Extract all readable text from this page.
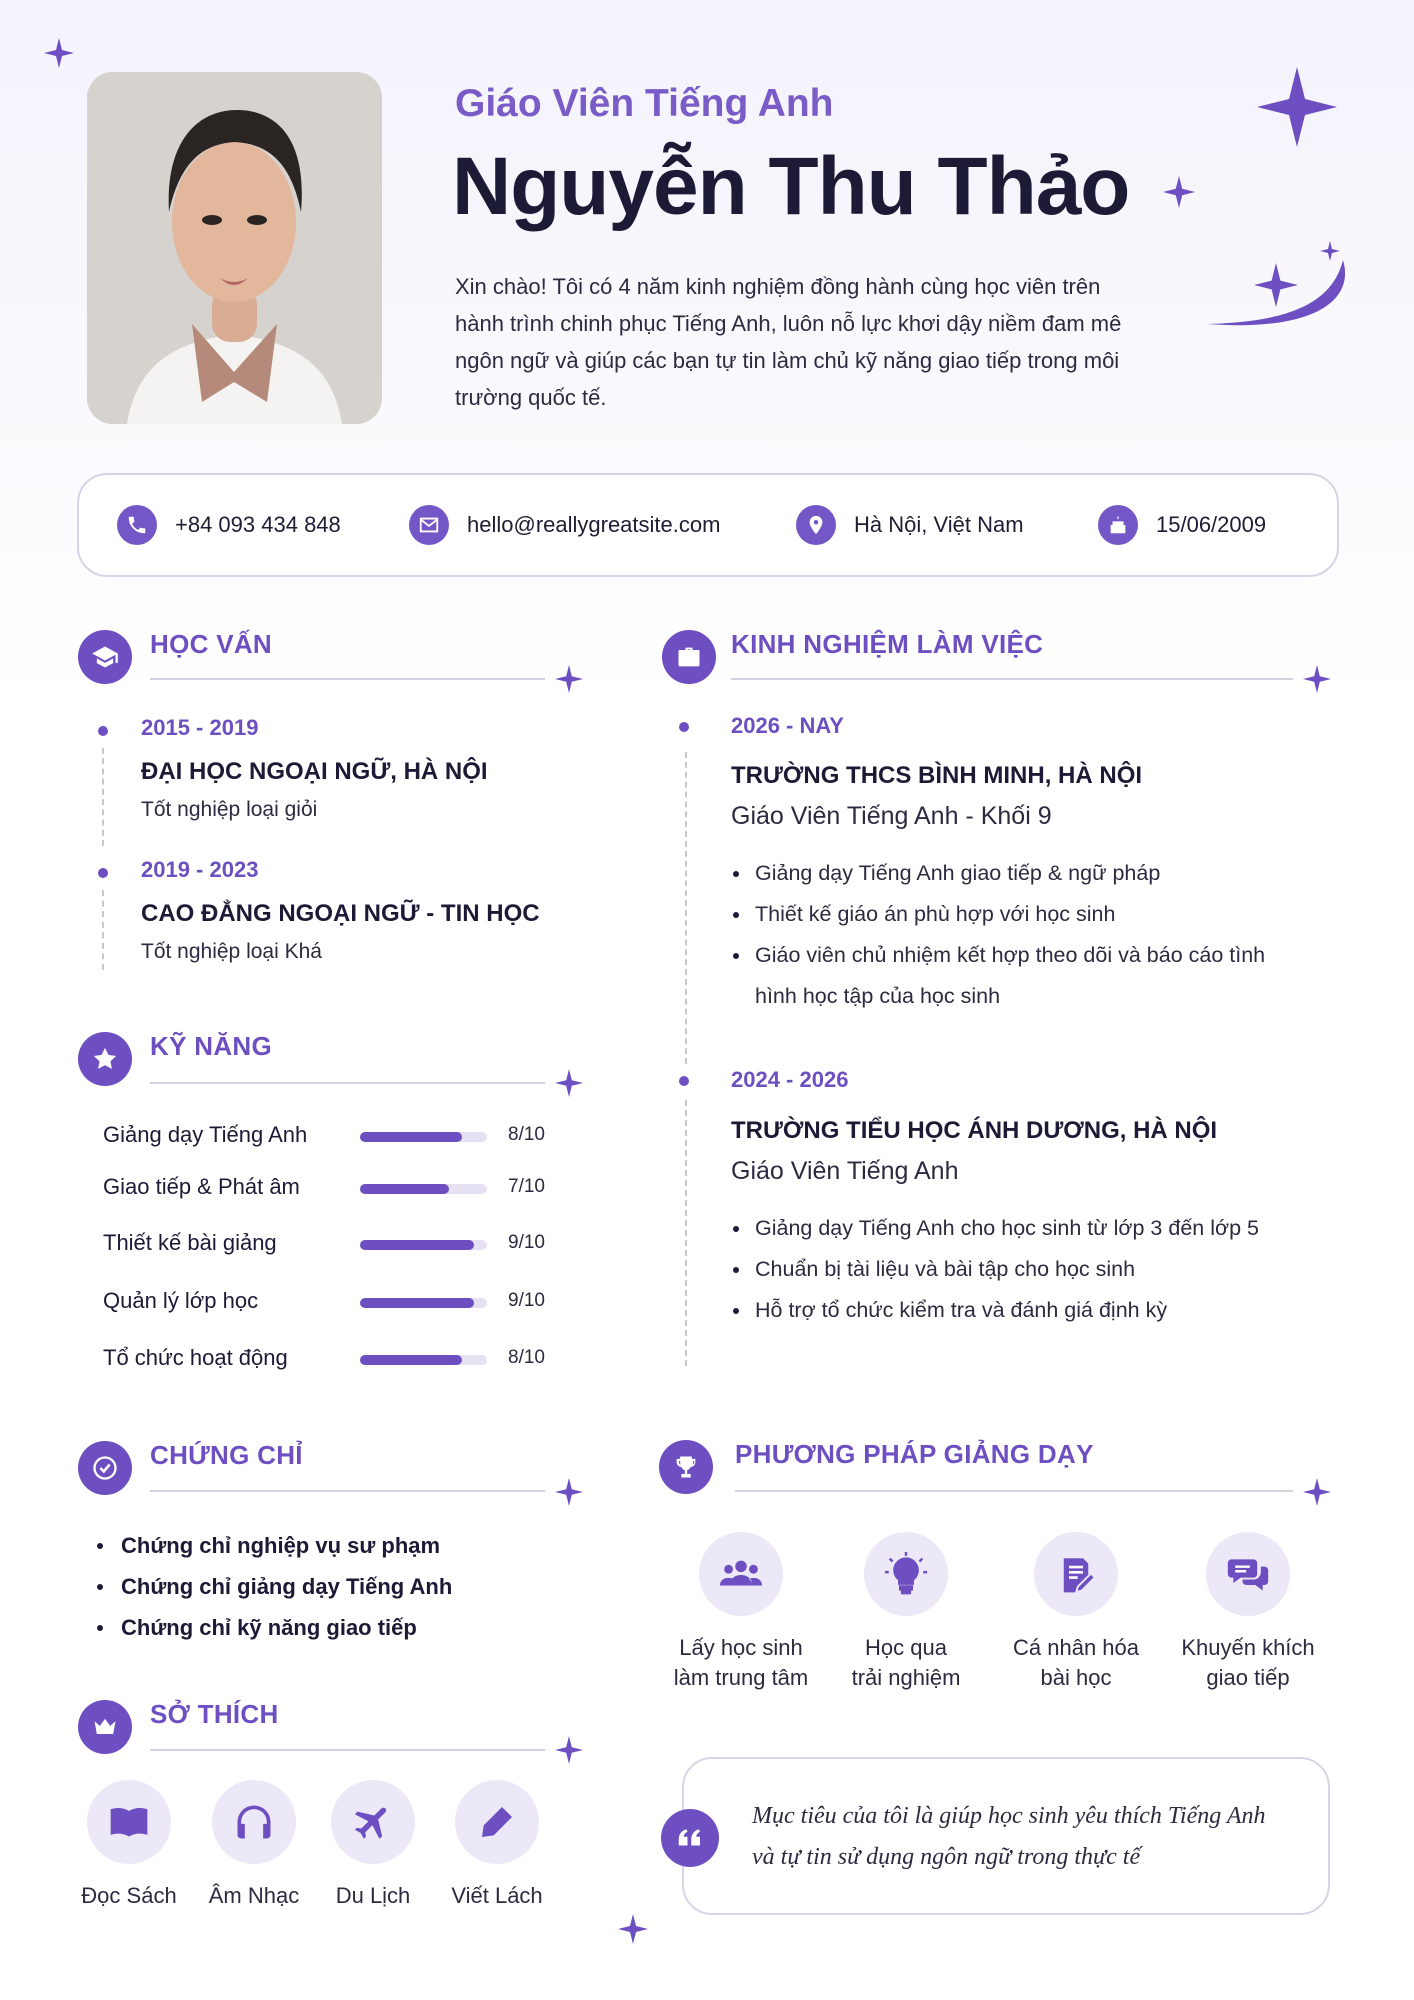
Giáo Viên Tiếng Anh
Nguyễn Thu Thảo
Xin chào! Tôi có 4 năm kinh nghiệm đồng hành cùng học viên trên hành trình chinh phục Tiếng Anh, luôn nỗ lực khơi dậy niềm đam mê ngôn ngữ và giúp các bạn tự tin làm chủ kỹ năng giao tiếp trong môi trường quốc tế.
+84 093 434 848	hello@reallygreatsite.com	Hà Nội, Việt Nam	15/06/2009
HỌC VẤN
2015 - 2019
ĐẠI HỌC NGOẠI NGỮ, HÀ NỘI
Tốt nghiệp loại giỏi
2019 - 2023
CAO ĐẲNG NGOẠI NGỮ - TIN HỌC
Tốt nghiệp loại Khá
KINH NGHIỆM LÀM VIỆC
2026 - NAY
TRƯỜNG THCS BÌNH MINH, HÀ NỘI
Giáo Viên Tiếng Anh - Khối 9
Giảng dạy Tiếng Anh giao tiếp & ngữ pháp
Thiết kế giáo án phù hợp với học sinh
Giáo viên chủ nhiệm kết hợp theo dõi và báo cáo tình hình học tập của học sinh
2024 - 2026
TRƯỜNG TIỂU HỌC ÁNH DƯƠNG, HÀ NỘI
Giáo Viên Tiếng Anh
Giảng dạy Tiếng Anh cho học sinh từ lớp 3 đến lớp 5
Chuẩn bị tài liệu và bài tập cho học sinh
Hỗ trợ tổ chức kiểm tra và đánh giá định kỳ
KỸ NĂNG
Giảng dạy Tiếng Anh	8/10
Giao tiếp & Phát âm	7/10
Thiết kế bài giảng	9/10
Quản lý lớp học	9/10
Tổ chức hoạt động	8/10
CHỨNG CHỈ
Chứng chỉ nghiệp vụ sư phạm
Chứng chỉ giảng dạy Tiếng Anh
Chứng chỉ kỹ năng giao tiếp
SỞ THÍCH
Đọc Sách	Âm Nhạc	Du Lịch	Viết Lách
PHƯƠNG PHÁP GIẢNG DẠY
Lấy học sinh
làm trung tâm
Học qua
trải nghiệm
Cá nhân hóa
bài học
Khuyến khích
giao tiếp
Mục tiêu của tôi là giúp học sinh yêu thích Tiếng Anh
và tự tin sử dụng ngôn ngữ trong thực tế
